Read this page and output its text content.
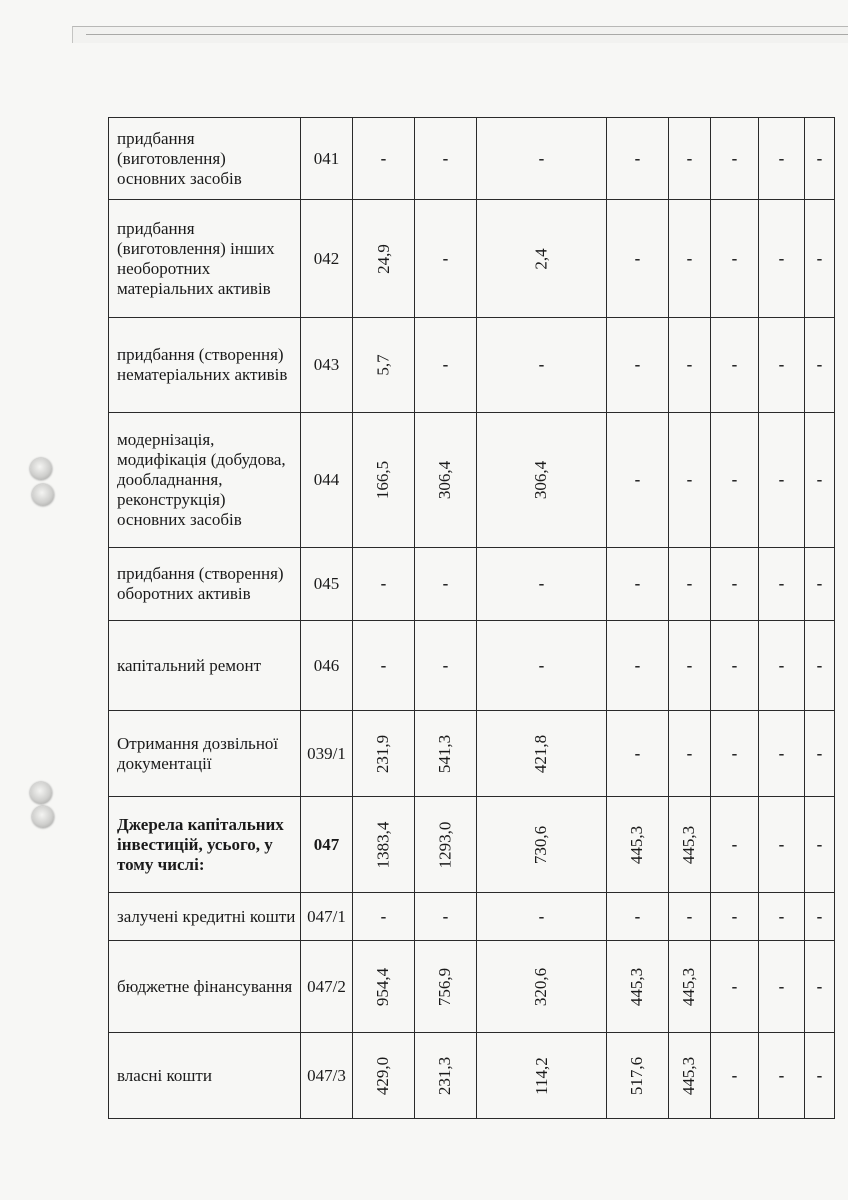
придбання (виготовлення) основних засобів	041	-	-	-	-	-	-	-	-
придбання (виготовлення) інших необоротних матеріальних активів	042	24,9	-	2,4	-	-	-	-	-
придбання (створення) нематеріальних активів	043	5,7	-	-	-	-	-	-	-
модернізація, модифікація (добудова, дообладнання, реконструкція) основних засобів	044	166,5	306,4	306,4	-	-	-	-	-
придбання (створення) оборотних активів	045	-	-	-	-	-	-	-	-
капітальний ремонт	046	-	-	-	-	-	-	-	-
Отримання дозвільної документації	039/1	231,9	541,3	421,8	-	-	-	-	-
Джерела капітальних інвестицій, усього, у тому числі:	047	1383,4	1293,0	730,6	445,3	445,3	-	-	-
залучені кредитні кошти	047/1	-	-	-	-	-	-	-	-
бюджетне фінансування	047/2	954,4	756,9	320,6	445,3	445,3	-	-	-
власні кошти	047/3	429,0	231,3	114,2	517,6	445,3	-	-	-
